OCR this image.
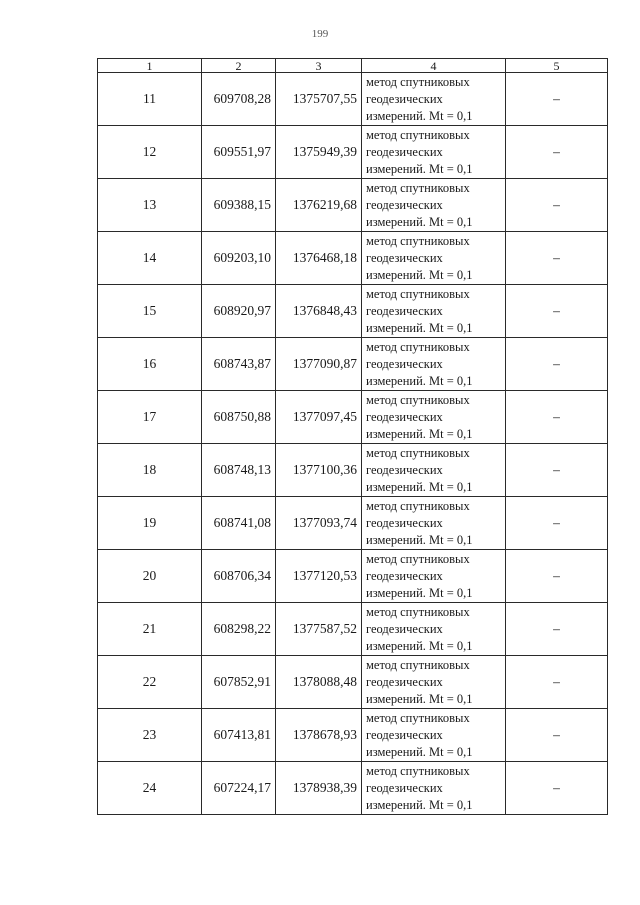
199
1	2	3	4	5
11	609708,28	1375707,55	метод спутниковых
геодезических
измерений. Mt = 0,1	–
12	609551,97	1375949,39	метод спутниковых
геодезических
измерений. Mt = 0,1	–
13	609388,15	1376219,68	метод спутниковых
геодезических
измерений. Mt = 0,1	–
14	609203,10	1376468,18	метод спутниковых
геодезических
измерений. Mt = 0,1	–
15	608920,97	1376848,43	метод спутниковых
геодезических
измерений. Mt = 0,1	–
16	608743,87	1377090,87	метод спутниковых
геодезических
измерений. Mt = 0,1	–
17	608750,88	1377097,45	метод спутниковых
геодезических
измерений. Mt = 0,1	–
18	608748,13	1377100,36	метод спутниковых
геодезических
измерений. Mt = 0,1	–
19	608741,08	1377093,74	метод спутниковых
геодезических
измерений. Mt = 0,1	–
20	608706,34	1377120,53	метод спутниковых
геодезических
измерений. Mt = 0,1	–
21	608298,22	1377587,52	метод спутниковых
геодезических
измерений. Mt = 0,1	–
22	607852,91	1378088,48	метод спутниковых
геодезических
измерений. Mt = 0,1	–
23	607413,81	1378678,93	метод спутниковых
геодезических
измерений. Mt = 0,1	–
24	607224,17	1378938,39	метод спутниковых
геодезических
измерений. Mt = 0,1	–
